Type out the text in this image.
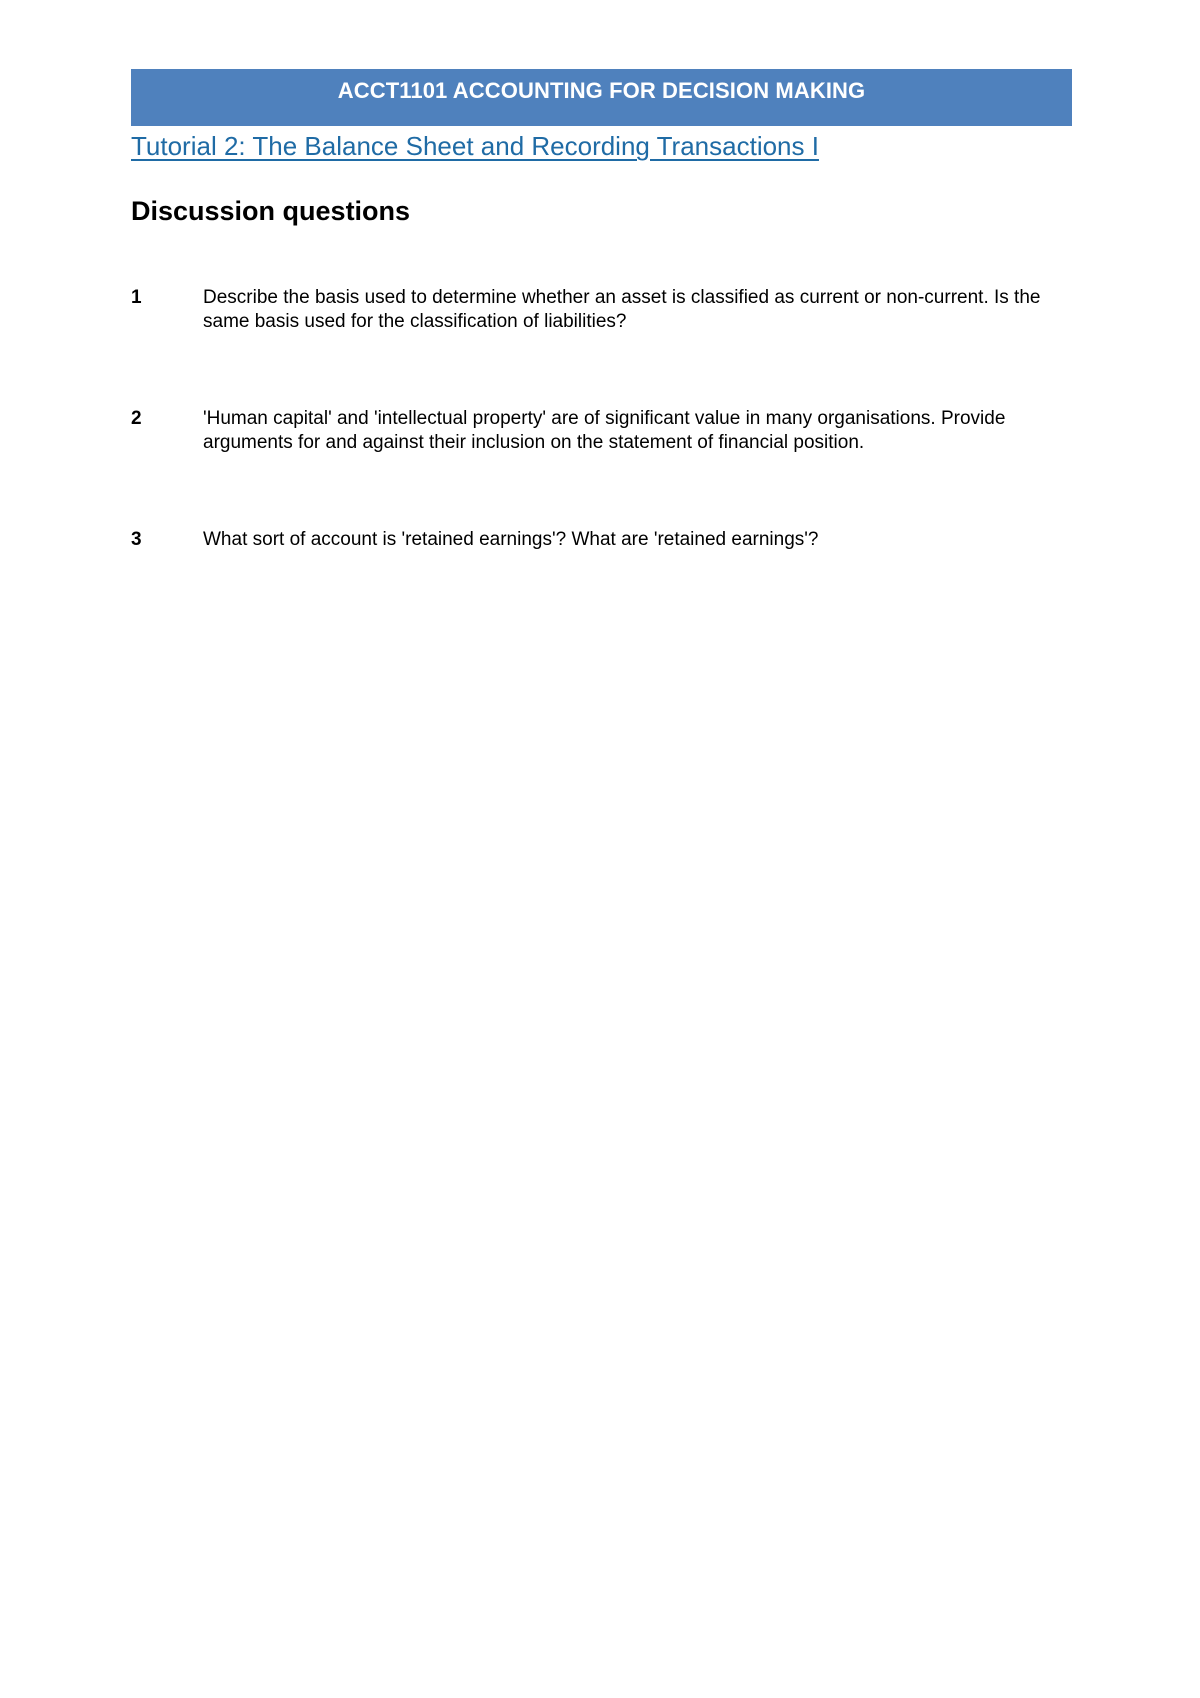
ACCT1101 ACCOUNTING FOR DECISION MAKING
Tutorial 2: The Balance Sheet and Recording Transactions I
Discussion questions
1	Describe the basis used to determine whether an asset is classified as current or non-current. Is the same basis used for the classification of liabilities?
2	'Human capital' and 'intellectual property' are of significant value in many organisations. Provide arguments for and against their inclusion on the statement of financial position.
3	What sort of account is 'retained earnings'? What are 'retained earnings'?
